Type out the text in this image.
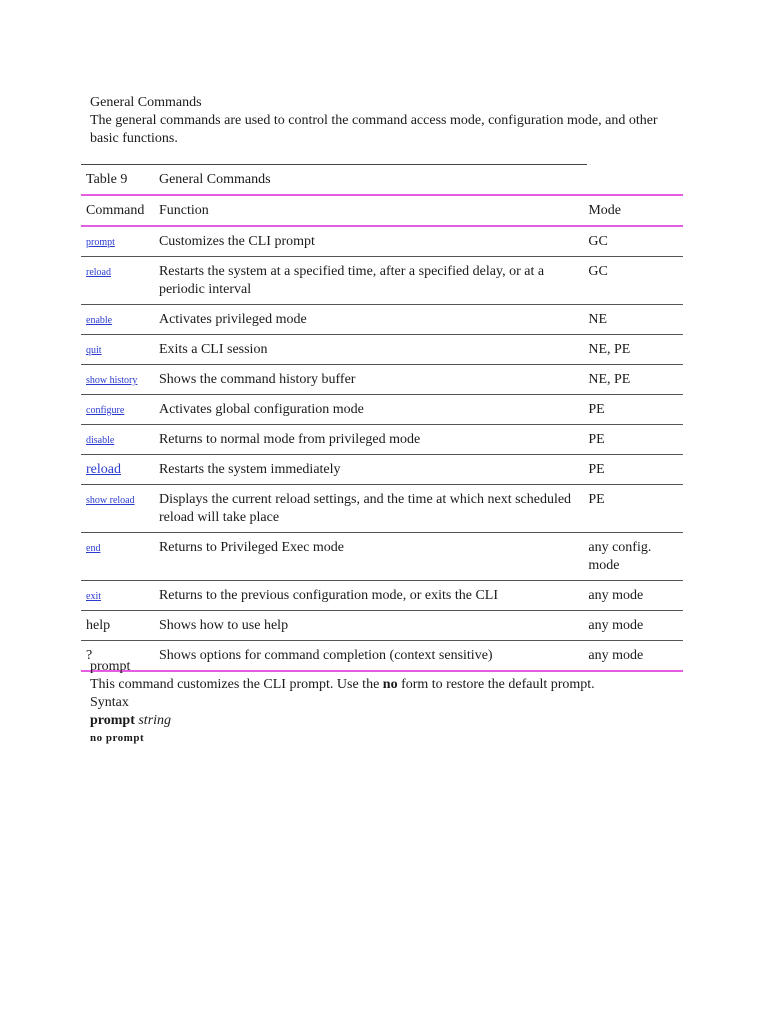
General Commands

The general commands are used to control the command access mode, configuration mode, and other basic functions.

Table 9	General Commands	
Command	Function	Mode
prompt	Customizes the CLI prompt	GC
reload	Restarts the system at a specified time, after a specified delay, or at a periodic interval	GC
enable	Activates privileged mode	NE
quit	Exits a CLI session	NE, PE
show history	Shows the command history buffer	NE, PE
configure	Activates global configuration mode	PE
disable	Returns to normal mode from privileged mode	PE
reload	Restarts the system immediately	PE
show reload	Displays the current reload settings, and the time at which next scheduled reload will take place	PE
end	Returns to Privileged Exec mode	any config. mode
exit	Returns to the previous configuration mode, or exits the CLI	any mode
help	Shows how to use help	any mode
?	Shows options for command completion (context sensitive)	any mode

prompt

This command customizes the CLI prompt. Use the no form to restore the default prompt.

Syntax

prompt string

no prompt
